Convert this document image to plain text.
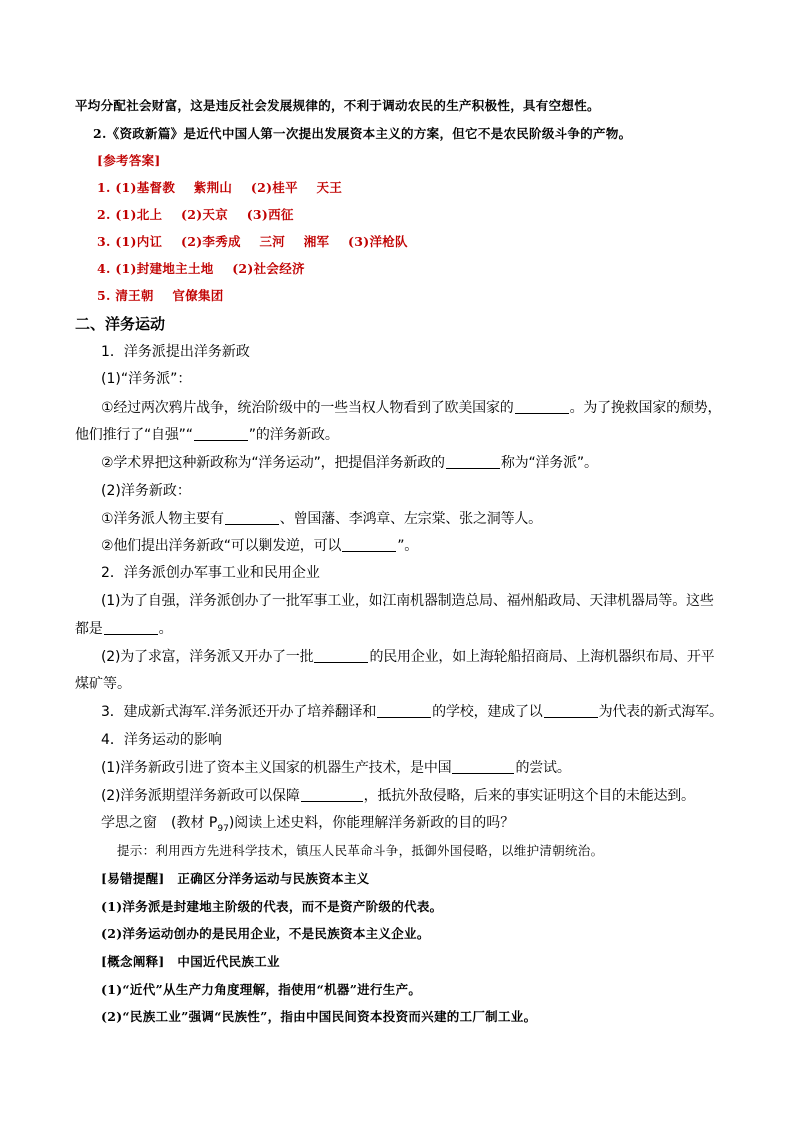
平均分配社会财富，这是违反社会发展规律的，不利于调动农民的生产积极性，具有空想性。
2.《资政新篇》是近代中国人第一次提出发展资本主义的方案，但它不是农民阶级斗争的产物。
[参考答案]
1. (1)基督教 紫荆山 (2)桂平 天王
2. (1)北上 (2)天京 (3)西征
3. (1)内讧 (2)李秀成 三河 湘军 (3)洋枪队
4. (1)封建地主土地 (2)社会经济
5. 清王朝 官僚集团
二、洋务运动
1．洋务派提出洋务新政
(1)“洋务派”：
①经过两次鸦片战争，统治阶级中的一些当权人物看到了欧美国家的	。为了挽救国家的颓势，
他们推行了“自强”“	”的洋务新政。
②学术界把这种新政称为“洋务运动”，把提倡洋务新政的	称为“洋务派”。
(2)洋务新政：
①洋务派人物主要有	、曾国藩、李鸿章、左宗棠、张之洞等人。
②他们提出洋务新政“可以剿发逆，可以	”。
2．洋务派创办军事工业和民用企业
(1)为了自强，洋务派创办了一批军事工业，如江南机器制造总局、福州船政局、天津机器局等。这些
都是	。
(2)为了求富，洋务派又开办了一批	的民用企业，如上海轮船招商局、上海机器织布局、开平
煤矿等。
3．建成新式海军.洋务派还开办了培养翻译和	的学校，建成了以	为代表的新式海军。
4．洋务运动的影响
(1)洋务新政引进了资本主义国家的机器生产技术，是中国	的尝试。
(2)洋务派期望洋务新政可以保障	，抵抗外敌侵略，后来的事实证明这个目的未能达到。
学思之窗　(教材 $P_{97}$)阅读上述史料，你能理解洋务新政的目的吗？
提示：利用西方先进科学技术，镇压人民革命斗争，抵御外国侵略，以维护清朝统治。
[易错提醒]　正确区分洋务运动与民族资本主义
(1)洋务派是封建地主阶级的代表，而不是资产阶级的代表。
(2)洋务运动创办的是民用企业，不是民族资本主义企业。
[概念阐释]　中国近代民族工业
(1)“近代”从生产力角度理解，指使用“机器”进行生产。
(2)“民族工业”强调“民族性”，指由中国民间资本投资而兴建的工厂制工业。
